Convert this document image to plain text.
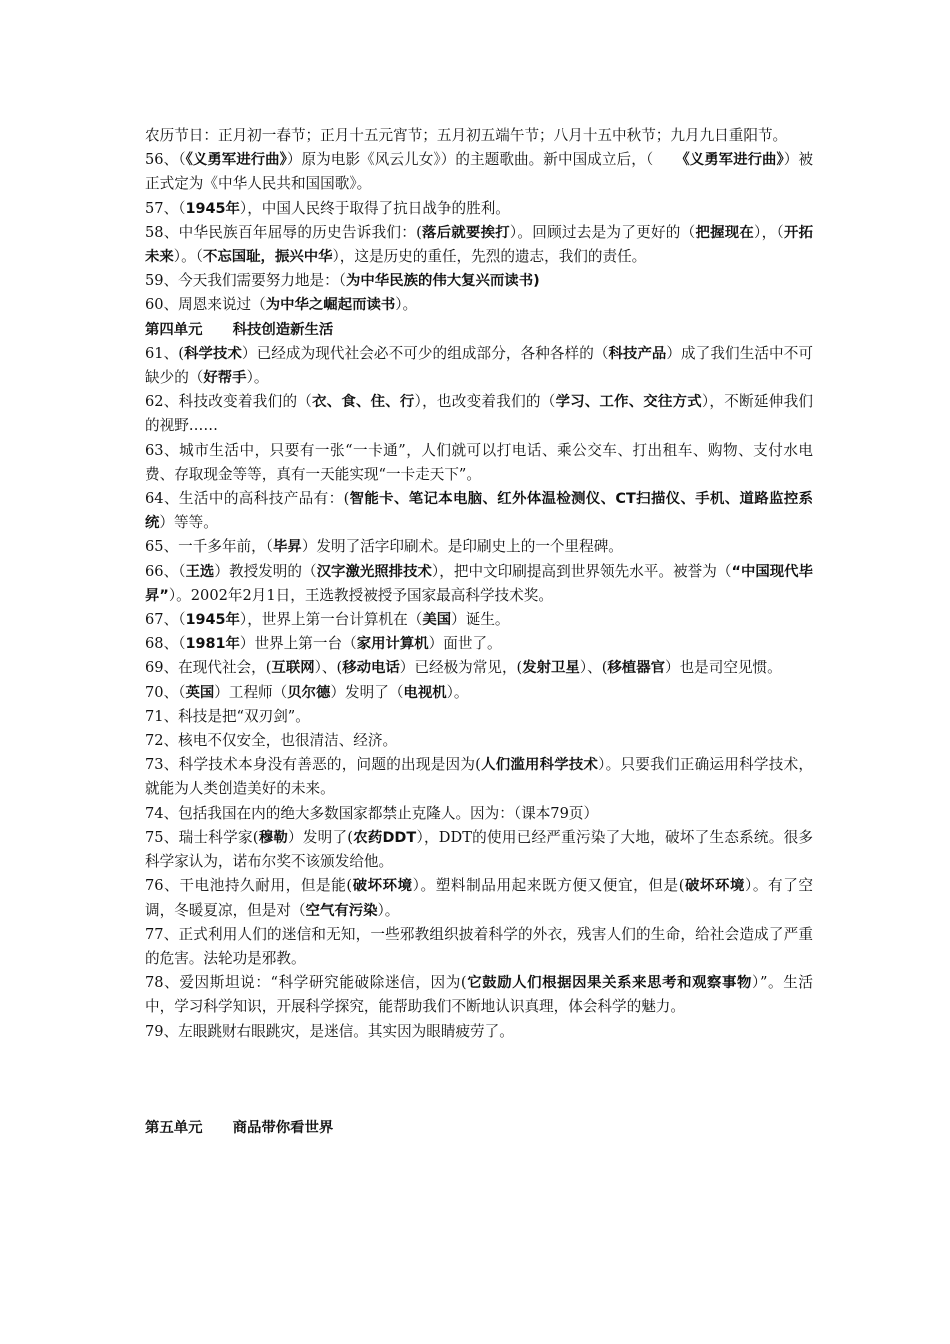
农历节日：正月初一春节；正月十五元宵节；五月初五端午节；八月十五中秋节；九月九日重阳节。

56、（《义勇军进行曲》）原为电影《风云儿女》）的主题歌曲。新中国成立后，（　　《义勇军进行曲》）被正式定为《中华人民共和国国歌》。

57、（1945年），中国人民终于取得了抗日战争的胜利。

58、中华民族百年屈辱的历史告诉我们：(落后就要挨打）。回顾过去是为了更好的（把握现在），（开拓未来）。（不忘国耻，振兴中华），这是历史的重任，先烈的遗志，我们的责任。

59、今天我们需要努力地是：（为中华民族的伟大复兴而读书)

60、周恩来说过（为中华之崛起而读书）。

第四单元 科技创造新生活

61、(科学技术）已经成为现代社会必不可少的组成部分，各种各样的（科技产品）成了我们生活中不可缺少的（好帮手）。

62、科技改变着我们的（衣、食、住、行），也改变着我们的（学习、工作、交往方式），不断延伸我们的视野……

63、城市生活中，只要有一张“一卡通”，人们就可以打电话、乘公交车、打出租车、购物、支付水电费、存取现金等等，真有一天能实现“一卡走天下”。

64、生活中的高科技产品有：(智能卡、笔记本电脑、红外体温检测仪、CT扫描仪、手机、道路监控系统）等等。

65、一千多年前，（毕昇）发明了活字印刷术。是印刷史上的一个里程碑。

66、（王选）教授发明的（汉字激光照排技术），把中文印刷提高到世界领先水平。被誉为（“中国现代毕昇”）。2002年2月1日，王选教授被授予国家最高科学技术奖。

67、（1945年），世界上第一台计算机在（美国）诞生。

68、（1981年）世界上第一台（家用计算机）面世了。

69、在现代社会，(互联网）、(移动电话）已经极为常见，(发射卫星）、(移植器官）也是司空见惯。

70、（英国）工程师（贝尔德）发明了（电视机）。

71、科技是把“双刃剑”。

72、核电不仅安全，也很清洁、经济。

73、科学技术本身没有善恶的，问题的出现是因为(人们滥用科学技术）。只要我们正确运用科学技术，就能为人类创造美好的未来。

74、包括我国在内的绝大多数国家都禁止克隆人。因为：（课本79页）

75、瑞士科学家(穆勒）发明了(农药DDT），DDT的使用已经严重污染了大地，破坏了生态系统。很多科学家认为，诺布尔奖不该颁发给他。

76、干电池持久耐用，但是能(破坏环境）。塑料制品用起来既方便又便宜，但是(破坏环境）。有了空调，冬暖夏凉，但是对（空气有污染）。

77、正式利用人们的迷信和无知，一些邪教组织披着科学的外衣，残害人们的生命，给社会造成了严重的危害。法轮功是邪教。

78、爱因斯坦说：“科学研究能破除迷信，因为(它鼓励人们根据因果关系来思考和观察事物）”。生活中，学习科学知识，开展科学探究，能帮助我们不断地认识真理，体会科学的魅力。

79、左眼跳财右眼跳灾，是迷信。其实因为眼睛疲劳了。

第五单元 商品带你看世界
